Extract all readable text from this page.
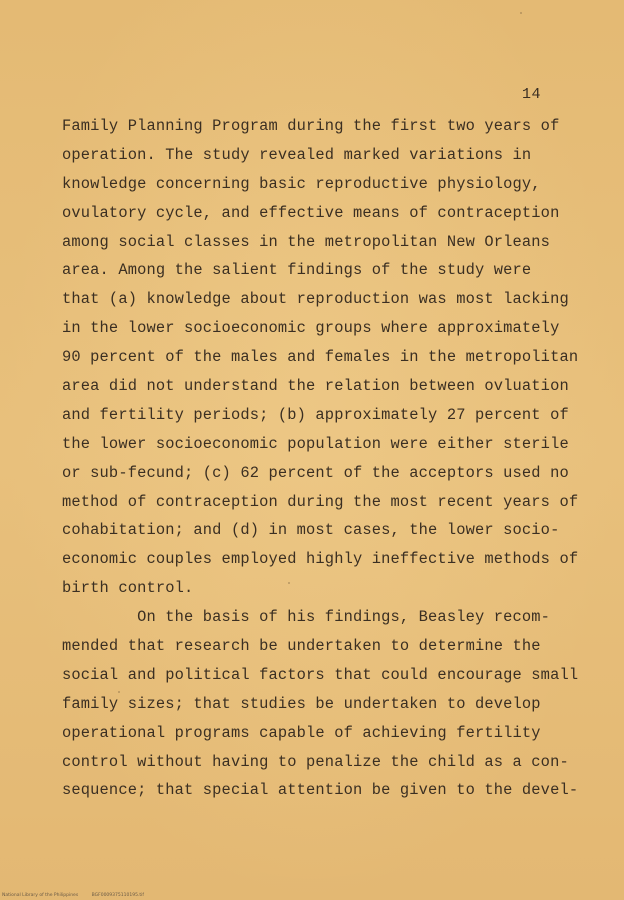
14
Family Planning Program during the first two years of
operation. The study revealed marked variations in
knowledge concerning basic reproductive physiology,
ovulatory cycle, and effective means of contraception
among social classes in the metropolitan New Orleans
area. Among the salient findings of the study were
that (a) knowledge about reproduction was most lacking
in the lower socioeconomic groups where approximately
90 percent of the males and females in the metropolitan
area did not understand the relation between ovluation
and fertility periods; (b) approximately 27 percent of
the lower socioeconomic population were either sterile
or sub-fecund; (c) 62 percent of the acceptors used no
method of contraception during the most recent years of
cohabitation; and (d) in most cases, the lower socio-
economic couples employed highly ineffective methods of
birth control.
On the basis of his findings, Beasley recom-
mended that research be undertaken to determine the
social and political factors that could encourage small
family sizes; that studies be undertaken to develop
operational programs capable of achieving fertility
control without having to penalize the child as a con-
sequence; that special attention be given to the devel-
National Library of the Philippines	BGF0009375110195.tif
